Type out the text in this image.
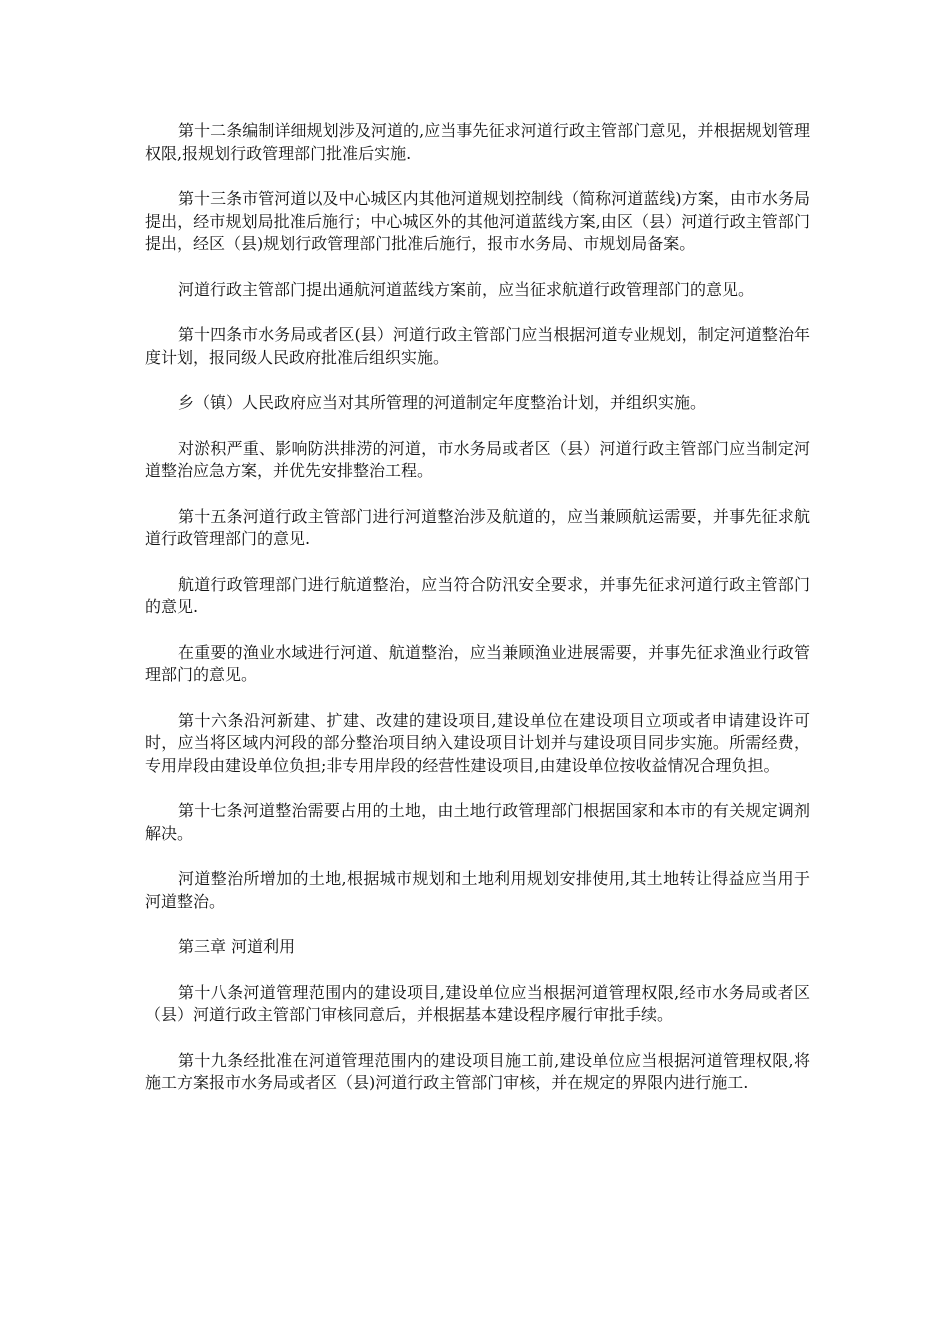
第十二条编制详细规划涉及河道的,应当事先征求河道行政主管部门意见，并根据规划管理权限,报规划行政管理部门批准后实施.

第十三条市管河道以及中心城区内其他河道规划控制线（简称河道蓝线)方案，由市水务局提出，经市规划局批准后施行；中心城区外的其他河道蓝线方案,由区（县）河道行政主管部门提出，经区（县)规划行政管理部门批准后施行，报市水务局、市规划局备案。

河道行政主管部门提出通航河道蓝线方案前，应当征求航道行政管理部门的意见。

第十四条市水务局或者区(县）河道行政主管部门应当根据河道专业规划，制定河道整治年度计划，报同级人民政府批准后组织实施。

乡（镇）人民政府应当对其所管理的河道制定年度整治计划，并组织实施。

对淤积严重、影响防洪排涝的河道，市水务局或者区（县）河道行政主管部门应当制定河道整治应急方案，并优先安排整治工程。

第十五条河道行政主管部门进行河道整治涉及航道的，应当兼顾航运需要，并事先征求航道行政管理部门的意见.

航道行政管理部门进行航道整治，应当符合防汛安全要求，并事先征求河道行政主管部门的意见.

在重要的渔业水域进行河道、航道整治，应当兼顾渔业进展需要，并事先征求渔业行政管理部门的意见。

第十六条沿河新建、扩建、改建的建设项目,建设单位在建设项目立项或者申请建设许可时，应当将区域内河段的部分整治项目纳入建设项目计划并与建设项目同步实施。所需经费，专用岸段由建设单位负担;非专用岸段的经营性建设项目,由建设单位按收益情况合理负担。

第十七条河道整治需要占用的土地，由土地行政管理部门根据国家和本市的有关规定调剂解决。

河道整治所增加的土地,根据城市规划和土地利用规划安排使用,其土地转让得益应当用于河道整治。

第三章 河道利用

第十八条河道管理范围内的建设项目,建设单位应当根据河道管理权限,经市水务局或者区（县）河道行政主管部门审核同意后，并根据基本建设程序履行审批手续。

第十九条经批准在河道管理范围内的建设项目施工前,建设单位应当根据河道管理权限,将施工方案报市水务局或者区（县)河道行政主管部门审核，并在规定的界限内进行施工.
